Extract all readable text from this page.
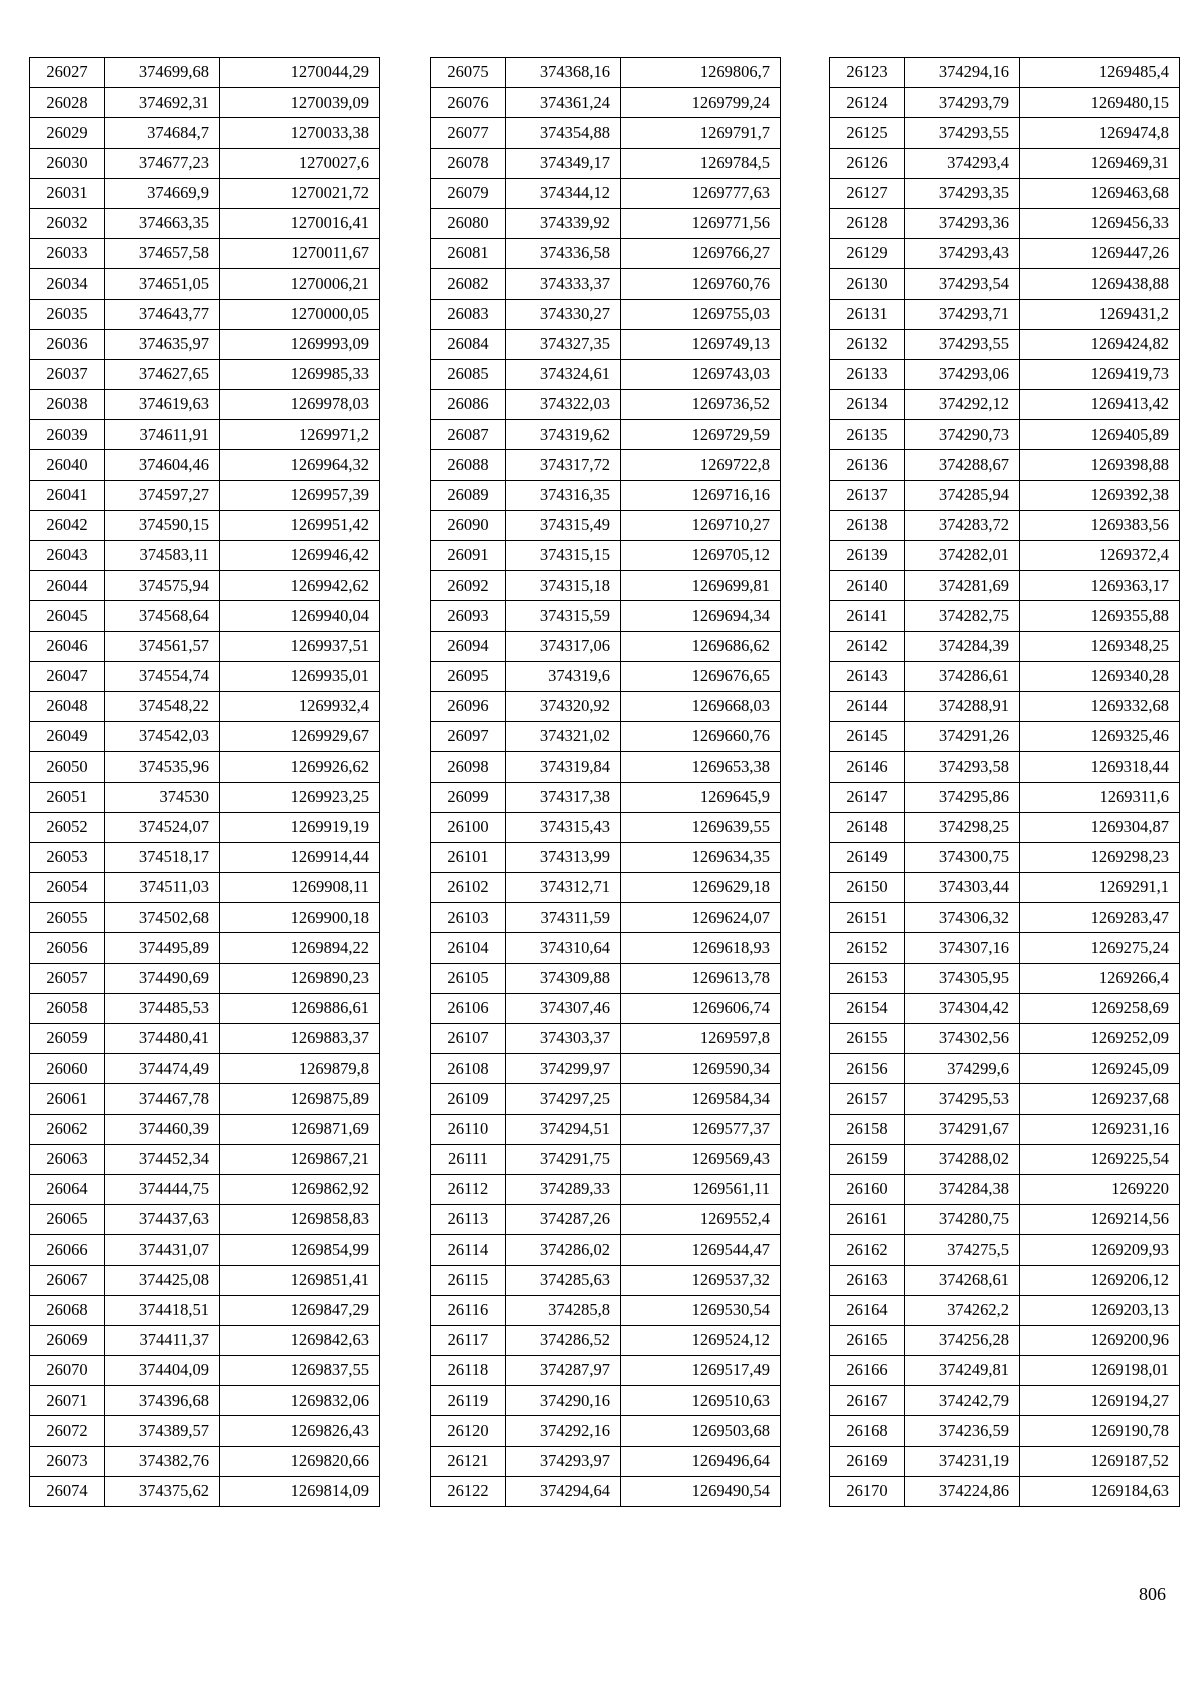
26027	374699,68	1270044,29
26028	374692,31	1270039,09
26029	374684,7	1270033,38
26030	374677,23	1270027,6
26031	374669,9	1270021,72
26032	374663,35	1270016,41
26033	374657,58	1270011,67
26034	374651,05	1270006,21
26035	374643,77	1270000,05
26036	374635,97	1269993,09
26037	374627,65	1269985,33
26038	374619,63	1269978,03
26039	374611,91	1269971,2
26040	374604,46	1269964,32
26041	374597,27	1269957,39
26042	374590,15	1269951,42
26043	374583,11	1269946,42
26044	374575,94	1269942,62
26045	374568,64	1269940,04
26046	374561,57	1269937,51
26047	374554,74	1269935,01
26048	374548,22	1269932,4
26049	374542,03	1269929,67
26050	374535,96	1269926,62
26051	374530	1269923,25
26052	374524,07	1269919,19
26053	374518,17	1269914,44
26054	374511,03	1269908,11
26055	374502,68	1269900,18
26056	374495,89	1269894,22
26057	374490,69	1269890,23
26058	374485,53	1269886,61
26059	374480,41	1269883,37
26060	374474,49	1269879,8
26061	374467,78	1269875,89
26062	374460,39	1269871,69
26063	374452,34	1269867,21
26064	374444,75	1269862,92
26065	374437,63	1269858,83
26066	374431,07	1269854,99
26067	374425,08	1269851,41
26068	374418,51	1269847,29
26069	374411,37	1269842,63
26070	374404,09	1269837,55
26071	374396,68	1269832,06
26072	374389,57	1269826,43
26073	374382,76	1269820,66
26074	374375,62	1269814,09
26075	374368,16	1269806,7
26076	374361,24	1269799,24
26077	374354,88	1269791,7
26078	374349,17	1269784,5
26079	374344,12	1269777,63
26080	374339,92	1269771,56
26081	374336,58	1269766,27
26082	374333,37	1269760,76
26083	374330,27	1269755,03
26084	374327,35	1269749,13
26085	374324,61	1269743,03
26086	374322,03	1269736,52
26087	374319,62	1269729,59
26088	374317,72	1269722,8
26089	374316,35	1269716,16
26090	374315,49	1269710,27
26091	374315,15	1269705,12
26092	374315,18	1269699,81
26093	374315,59	1269694,34
26094	374317,06	1269686,62
26095	374319,6	1269676,65
26096	374320,92	1269668,03
26097	374321,02	1269660,76
26098	374319,84	1269653,38
26099	374317,38	1269645,9
26100	374315,43	1269639,55
26101	374313,99	1269634,35
26102	374312,71	1269629,18
26103	374311,59	1269624,07
26104	374310,64	1269618,93
26105	374309,88	1269613,78
26106	374307,46	1269606,74
26107	374303,37	1269597,8
26108	374299,97	1269590,34
26109	374297,25	1269584,34
26110	374294,51	1269577,37
26111	374291,75	1269569,43
26112	374289,33	1269561,11
26113	374287,26	1269552,4
26114	374286,02	1269544,47
26115	374285,63	1269537,32
26116	374285,8	1269530,54
26117	374286,52	1269524,12
26118	374287,97	1269517,49
26119	374290,16	1269510,63
26120	374292,16	1269503,68
26121	374293,97	1269496,64
26122	374294,64	1269490,54
26123	374294,16	1269485,4
26124	374293,79	1269480,15
26125	374293,55	1269474,8
26126	374293,4	1269469,31
26127	374293,35	1269463,68
26128	374293,36	1269456,33
26129	374293,43	1269447,26
26130	374293,54	1269438,88
26131	374293,71	1269431,2
26132	374293,55	1269424,82
26133	374293,06	1269419,73
26134	374292,12	1269413,42
26135	374290,73	1269405,89
26136	374288,67	1269398,88
26137	374285,94	1269392,38
26138	374283,72	1269383,56
26139	374282,01	1269372,4
26140	374281,69	1269363,17
26141	374282,75	1269355,88
26142	374284,39	1269348,25
26143	374286,61	1269340,28
26144	374288,91	1269332,68
26145	374291,26	1269325,46
26146	374293,58	1269318,44
26147	374295,86	1269311,6
26148	374298,25	1269304,87
26149	374300,75	1269298,23
26150	374303,44	1269291,1
26151	374306,32	1269283,47
26152	374307,16	1269275,24
26153	374305,95	1269266,4
26154	374304,42	1269258,69
26155	374302,56	1269252,09
26156	374299,6	1269245,09
26157	374295,53	1269237,68
26158	374291,67	1269231,16
26159	374288,02	1269225,54
26160	374284,38	1269220
26161	374280,75	1269214,56
26162	374275,5	1269209,93
26163	374268,61	1269206,12
26164	374262,2	1269203,13
26165	374256,28	1269200,96
26166	374249,81	1269198,01
26167	374242,79	1269194,27
26168	374236,59	1269190,78
26169	374231,19	1269187,52
26170	374224,86	1269184,63
806
